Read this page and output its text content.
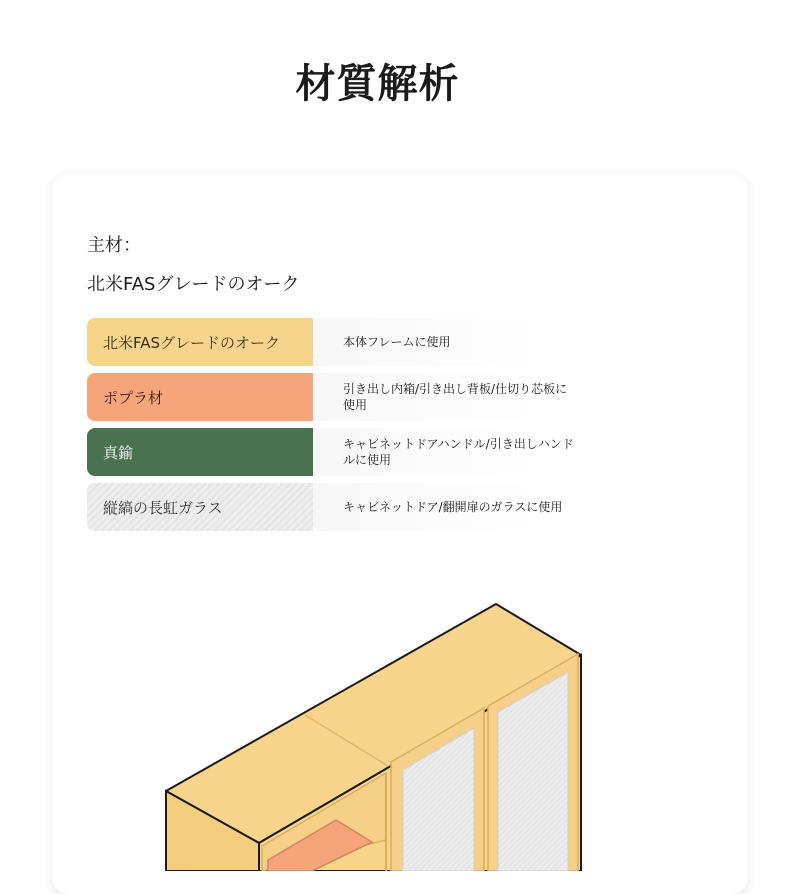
材質解析
主材：
北米FASグレードのオーク
北米FASグレードのオーク	本体フレームに使用
ポプラ材	引き出し内箱/引き出し背板/仕切り芯板に使用
真鍮	キャビネットドアハンドル/引き出しハンドルに使用
縦縞の長虹ガラス	キャビネットドア/翻開扉のガラスに使用
